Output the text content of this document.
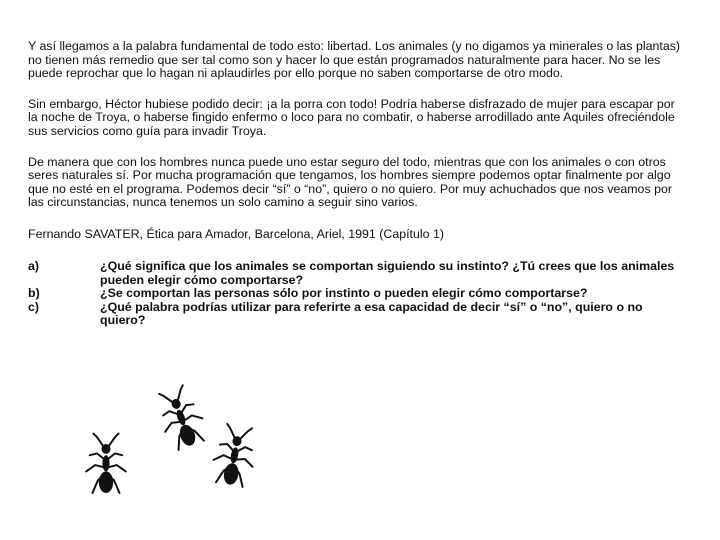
Y así llegamos a la palabra fundamental de todo esto: libertad. Los animales (y no digamos ya minerales o las plantas) no tienen más remedio que ser tal como son y hacer lo que están programados naturalmente para hacer. No se les puede reprochar que lo hagan ni aplaudirles por ello porque no saben comportarse de otro modo.

Sin embargo, Héctor hubiese podido decir: ¡a la porra con todo! Podría haberse disfrazado de mujer para escapar por la noche de Troya, o haberse fingido enfermo o loco para no combatir, o haberse arrodillado ante Aquiles ofreciéndole sus servicios como guía para invadir Troya.

De manera que con los hombres nunca puede uno estar seguro del todo, mientras que con los animales o con otros seres naturales sí. Por mucha programación que tengamos, los hombres siempre podemos optar finalmente por algo que no esté en el programa. Podemos decir “sí” o “no”, quiero o no quiero. Por muy achuchados que nos veamos por las circunstancias, nunca tenemos un solo camino a seguir sino varios.

Fernando SAVATER, Ética para Amador, Barcelona, Ariel, 1991 (Capítulo 1)

a)	¿Qué significa que los animales se comportan siguiendo su instinto? ¿Tú crees que los animales pueden elegir cómo comportarse?
b)	¿Se comportan las personas sólo por instinto o pueden elegir cómo comportarse?
c)	¿Qué palabra podrías utilizar para referirte a esa capacidad de decir “sí” o “no”, quiero o no quiero?
